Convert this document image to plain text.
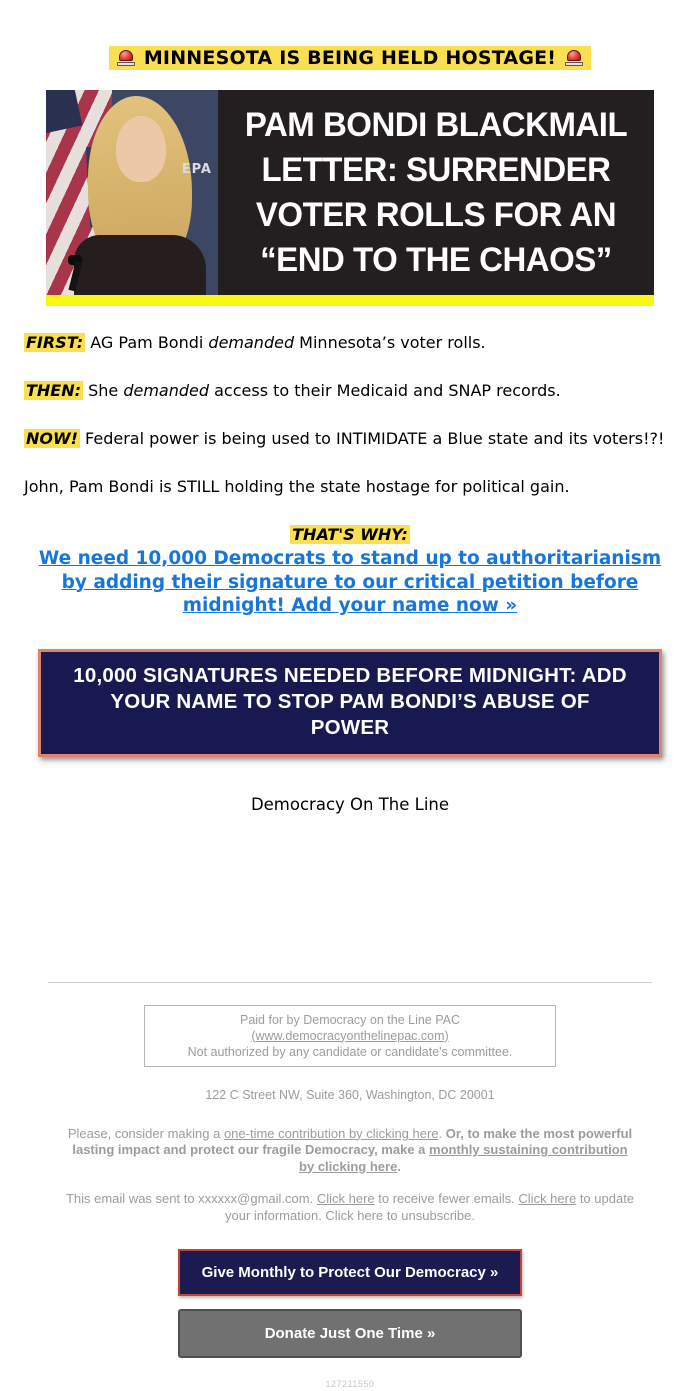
MINNESOTA IS BEING HELD HOSTAGE!
EPA
PAM BONDI BLACKMAIL
LETTER: SURRENDER
VOTER ROLLS FOR AN
“END TO THE CHAOS”

FIRST: AG Pam Bondi demanded Minnesota’s voter rolls.

THEN: She demanded access to their Medicaid and SNAP records.

NOW! Federal power is being used to INTIMIDATE a Blue state and its voters!?!

John, Pam Bondi is STILL holding the state hostage for political gain.

THAT'S WHY:
We need 10,000 Democrats to stand up to authoritarianism by adding their signature to our critical petition before midnight! Add your name now »
10,000 SIGNATURES NEEDED BEFORE MIDNIGHT: ADD YOUR NAME TO STOP PAM BONDI’S ABUSE OF POWER
Democracy On The Line
Paid for by Democracy on the Line PAC
(www.democracyonthelinepac.com)
Not authorized by any candidate or candidate's committee.
122 C Street NW, Suite 360, Washington, DC 20001
Please, consider making a one-time contribution by clicking here. Or, to make the most powerful lasting impact and protect our fragile Democracy, make a monthly sustaining contribution by clicking here.
This email was sent to xxxxxx@gmail.com. Click here to receive fewer emails. Click here to update your information. Click here to unsubscribe.
Give Monthly to Protect Our Democracy »
Donate Just One Time »
127211550
